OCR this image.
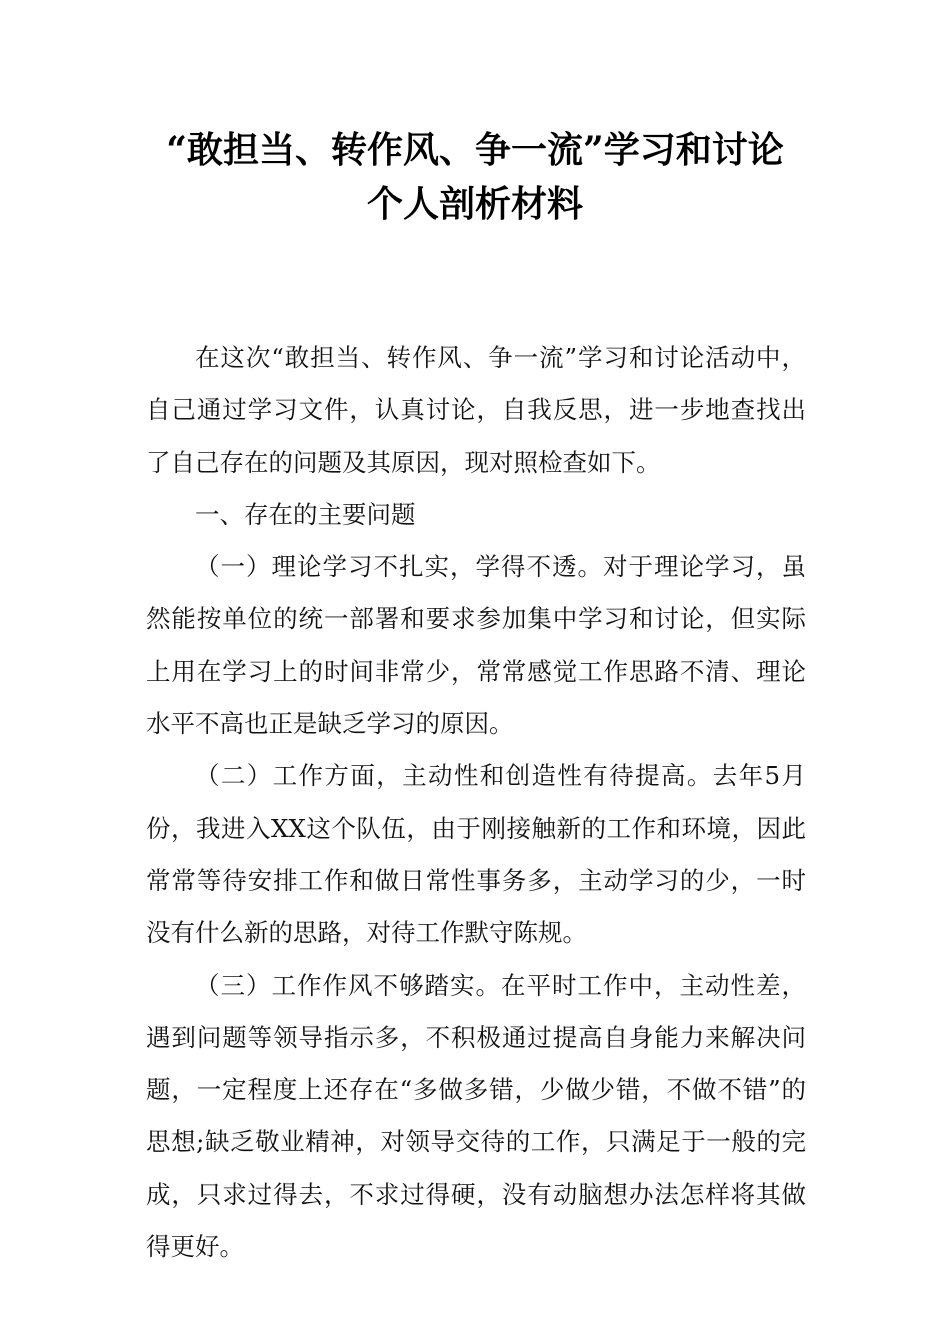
“敢担当、转作风、争一流”学习和讨论
个人剖析材料

在这次“敢担当、转作风、争一流”学习和讨论活动中，自己通过学习文件，认真讨论，自我反思，进一步地查找出了自己存在的问题及其原因，现对照检查如下。

一、存在的主要问题

（一）理论学习不扎实，学得不透。对于理论学习，虽然能按单位的统一部署和要求参加集中学习和讨论，但实际上用在学习上的时间非常少，常常感觉工作思路不清、理论水平不高也正是缺乏学习的原因。

（二）工作方面，主动性和创造性有待提高。去年5月份，我进入XX这个队伍，由于刚接触新的工作和环境，因此常常等待安排工作和做日常性事务多，主动学习的少，一时没有什么新的思路，对待工作默守陈规。

（三）工作作风不够踏实。在平时工作中，主动性差，遇到问题等领导指示多，不积极通过提高自身能力来解决问题，一定程度上还存在“多做多错，少做少错，不做不错”的思想;缺乏敬业精神，对领导交待的工作，只满足于一般的完成，只求过得去，不求过得硬，没有动脑想办法怎样将其做得更好。
